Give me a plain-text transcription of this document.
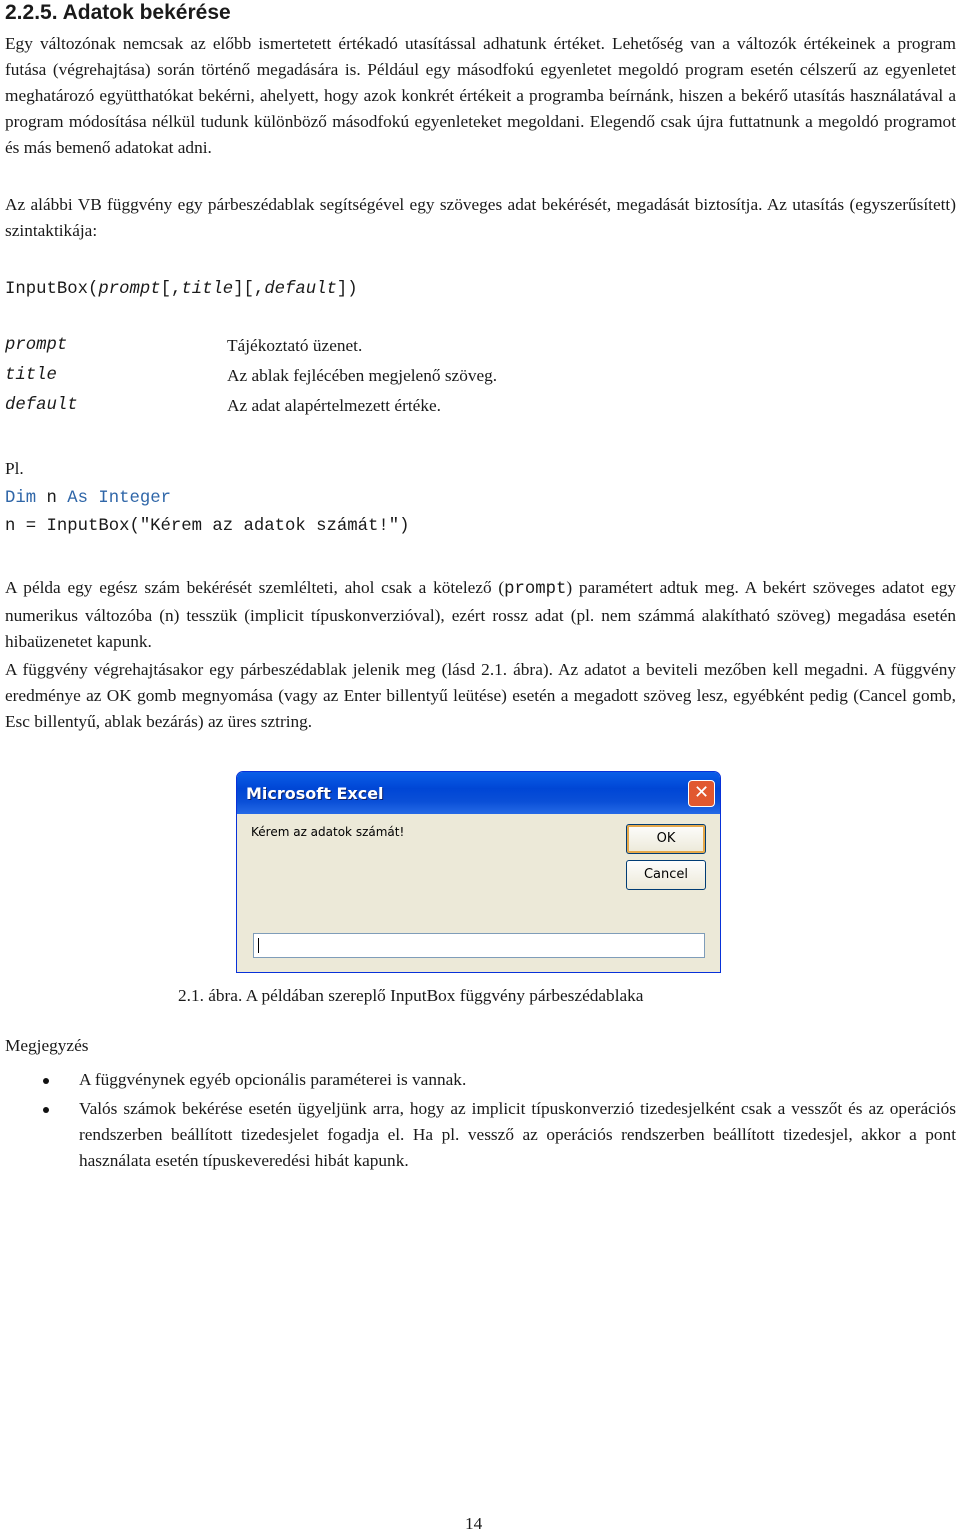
2.2.5. Adatok bekérése

Egy változónak nemcsak az előbb ismertetett értékadó utasítással adhatunk értéket. Lehetőség van a változók értékeinek a program futása (végrehajtása) során történő megadására is. Például egy másodfokú egyenletet megoldó program esetén célszerű az egyenletet meghatározó együtthatókat bekérni, ahelyett, hogy azok konkrét értékeit a programba beírnánk, hiszen a bekérő utasítás használatával a program módosítása nélkül tudunk különböző másodfokú egyenleteket megoldani. Elegendő csak újra futtatnunk a megoldó programot és más bemenő adatokat adni.

Az alábbi VB függvény egy párbeszédablak segítségével egy szöveges adat bekérését, megadását biztosítja. Az utasítás (egyszerűsített) szintaktikája:

InputBox(prompt[,title][,default])
prompt	Tájékoztató üzenet.
title	Az ablak fejlécében megjelenő szöveg.
default	Az adat alapértelmezett értéke.

Pl.

Dim n As Integer
n = InputBox("Kérem az adatok számát!")

A példa egy egész szám bekérését szemlélteti, ahol csak a kötelező (prompt) paramétert adtuk meg. A bekért szöveges adatot egy numerikus változóba (n) tesszük (implicit típuskonverzióval), ezért rossz adat (pl. nem számmá alakítható szöveg) megadása esetén hibaüzenetet kapunk.

A függvény végrehajtásakor egy párbeszédablak jelenik meg (lásd 2.1. ábra). Az adatot a beviteli mezőben kell megadni. A függvény eredménye az OK gomb megnyomása (vagy az Enter billentyű leütése) esetén a megadott szöveg lesz, egyébként pedig (Cancel gomb, Esc billentyű, ablak bezárás) az üres sztring.

Microsoft Excel	✕
Kérem az adatok számát!	OK
Cancel
2.1. ábra. A példában szereplő InputBox függvény párbeszédablaka

Megjegyzés

A függvénynek egyéb opcionális paraméterei is vannak.
Valós számok bekérése esetén ügyeljünk arra, hogy az implicit típuskonverzió tizedesjelként csak a vesszőt és az operációs rendszerben beállított tizedesjelet fogadja el. Ha pl. vessző az operációs rendszerben beállított tizedesjel, akkor a pont használata esetén típuskeveredési hibát kapunk.
14
